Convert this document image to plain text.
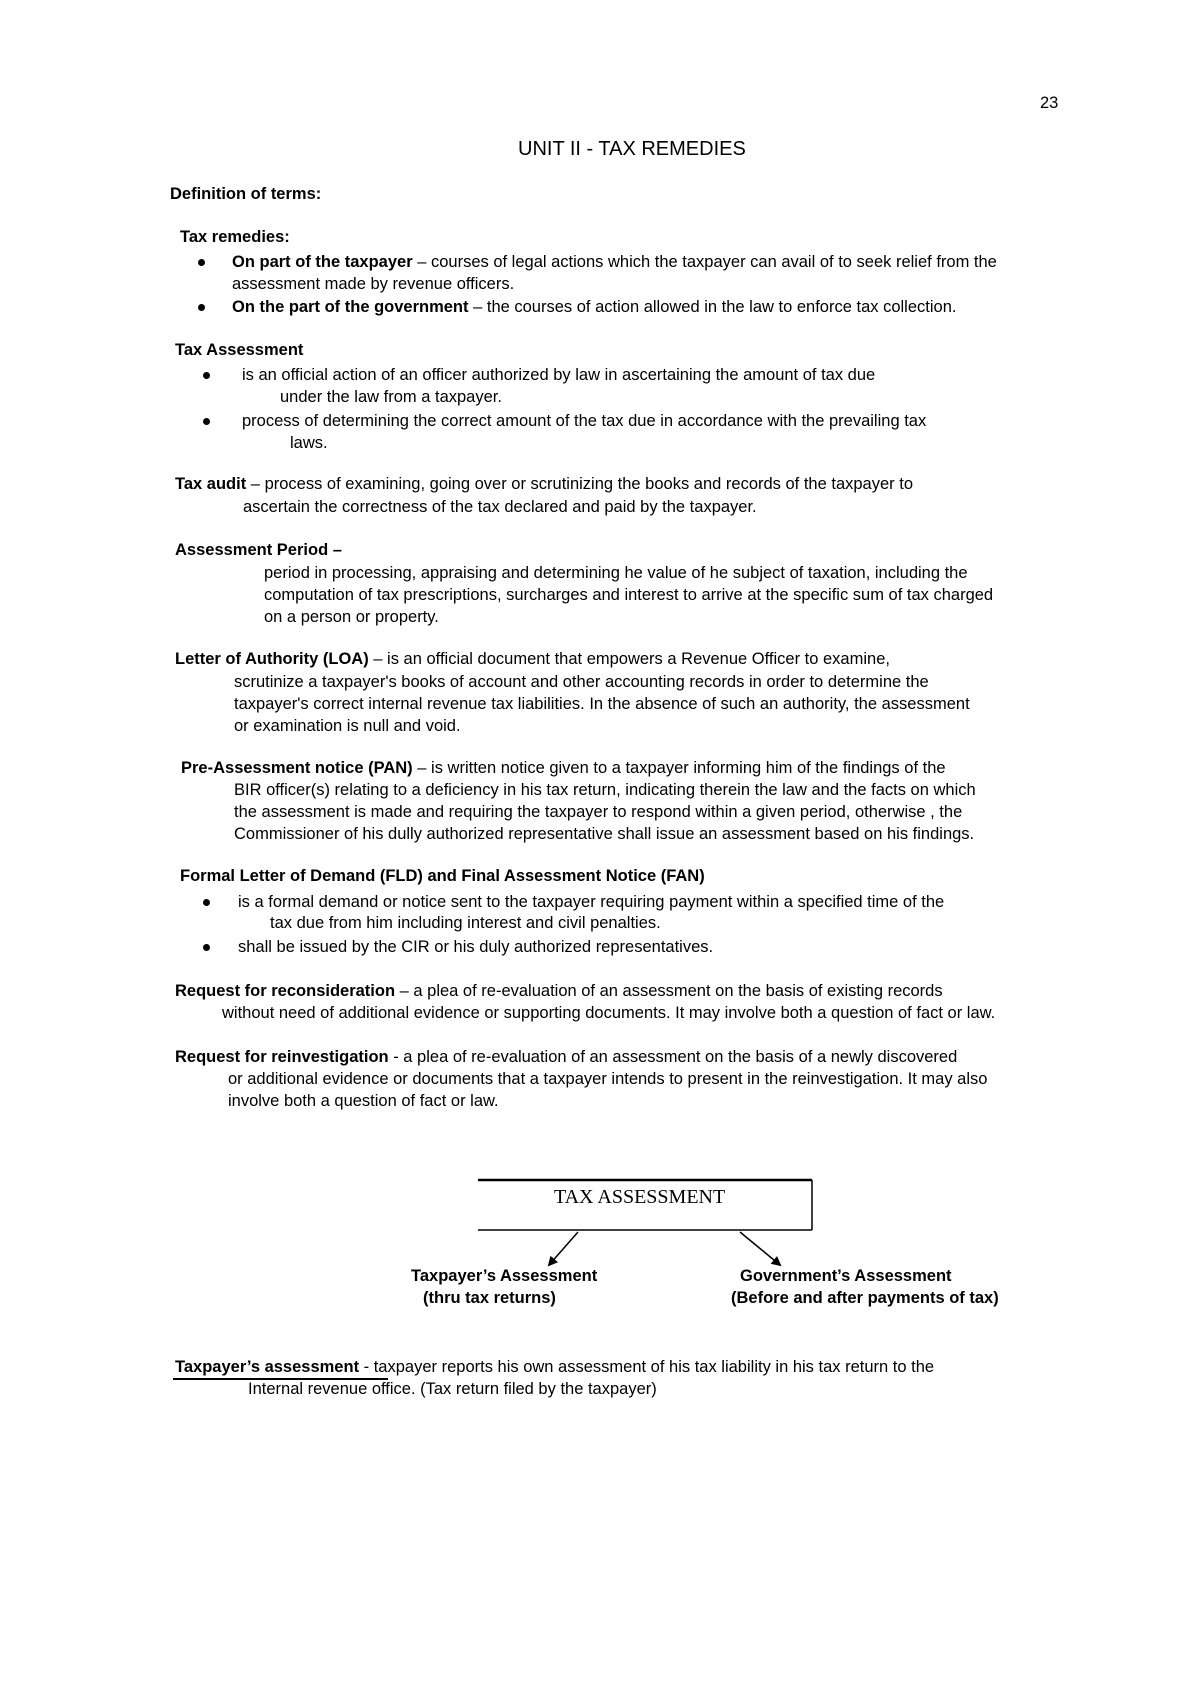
23
UNIT II - TAX REMEDIES
Definition of terms:
Tax remedies:
On part of the taxpayer – courses of legal actions which the taxpayer can avail of to seek relief from the
assessment made by revenue officers.
On the part of the government – the courses of action allowed in the law to enforce tax collection.
Tax Assessment
is an official action of an officer authorized by law in ascertaining the amount of tax due
under the law from a taxpayer.
process of determining the correct amount of the tax due in accordance with the prevailing tax
laws.
Tax audit – process of examining, going over or scrutinizing the books and records of the taxpayer to
ascertain the correctness of the tax declared and paid by the taxpayer.
Assessment Period –
period in processing, appraising and determining he value of he subject of taxation, including the
computation of tax prescriptions, surcharges and interest to arrive at the specific sum of tax charged
on a person or property.
Letter of Authority (LOA) – is an official document that empowers a Revenue Officer to examine,
scrutinize a taxpayer's books of account and other accounting records in order to determine the
taxpayer's correct internal revenue tax liabilities. In the absence of such an authority, the assessment
or examination is null and void.
Pre-Assessment notice (PAN) – is written notice given to a taxpayer informing him of the findings of the
BIR officer(s) relating to a deficiency in his tax return, indicating therein the law and the facts on which
the assessment is made and requiring the taxpayer to respond within a given period, otherwise , the
Commissioner of his dully authorized representative shall issue an assessment based on his findings.
Formal Letter of Demand (FLD) and Final Assessment Notice (FAN)
is a formal demand or notice sent to the taxpayer requiring payment within a specified time of the
tax due from him including interest and civil penalties.
shall be issued by the CIR or his duly authorized representatives.
Request for reconsideration – a plea of re-evaluation of an assessment on the basis of existing records
without need of additional evidence or supporting documents. It may involve both a question of fact or law.
Request for reinvestigation - a plea of re-evaluation of an assessment on the basis of a newly discovered
or additional evidence or documents that a taxpayer intends to present in the reinvestigation. It may also
involve both a question of fact or law.
TAX ASSESSMENT
Taxpayer’s Assessment
(thru tax returns)
Government’s Assessment
(Before and after payments of tax)
Taxpayer’s assessment - taxpayer reports his own assessment of his tax liability in his tax return to the
Internal revenue office. (Tax return filed by the taxpayer)
